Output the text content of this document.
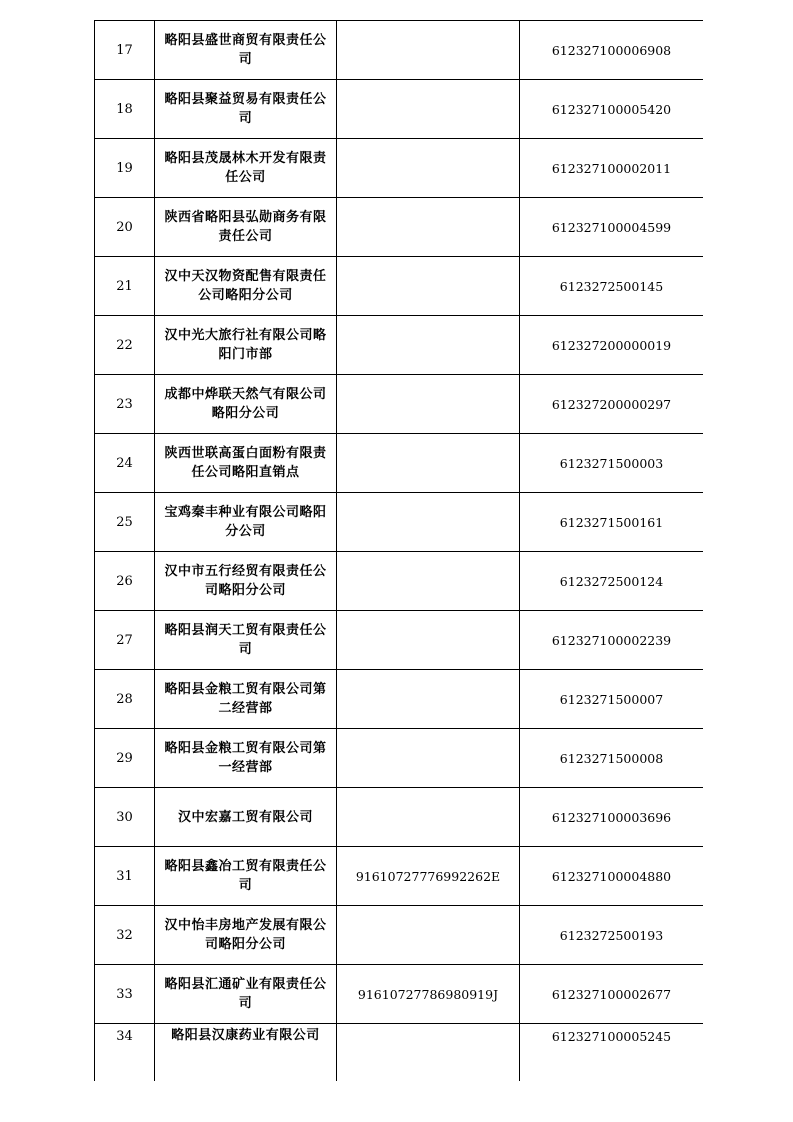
17	略阳县盛世商贸有限责任公司		612327100006908
18	略阳县聚益贸易有限责任公司		612327100005420
19	略阳县茂晟林木开发有限责任公司		612327100002011
20	陕西省略阳县弘勋商务有限责任公司		612327100004599
21	汉中天汉物资配售有限责任公司略阳分公司		6123272500145
22	汉中光大旅行社有限公司略阳门市部		612327200000019
23	成都中烨联天然气有限公司略阳分公司		612327200000297
24	陕西世联高蛋白面粉有限责任公司略阳直销点		6123271500003
25	宝鸡秦丰种业有限公司略阳分公司		6123271500161
26	汉中市五行经贸有限责任公司略阳分公司		6123272500124
27	略阳县润天工贸有限责任公司		612327100002239
28	略阳县金粮工贸有限公司第二经营部		6123271500007
29	略阳县金粮工贸有限公司第一经营部		6123271500008
30	汉中宏嘉工贸有限公司		612327100003696
31	略阳县鑫冶工贸有限责任公司	91610727776992262E	612327100004880
32	汉中怡丰房地产发展有限公司略阳分公司		6123272500193
33	略阳县汇通矿业有限责任公司	91610727786980919J	612327100002677
34	略阳县汉康药业有限公司		612327100005245
